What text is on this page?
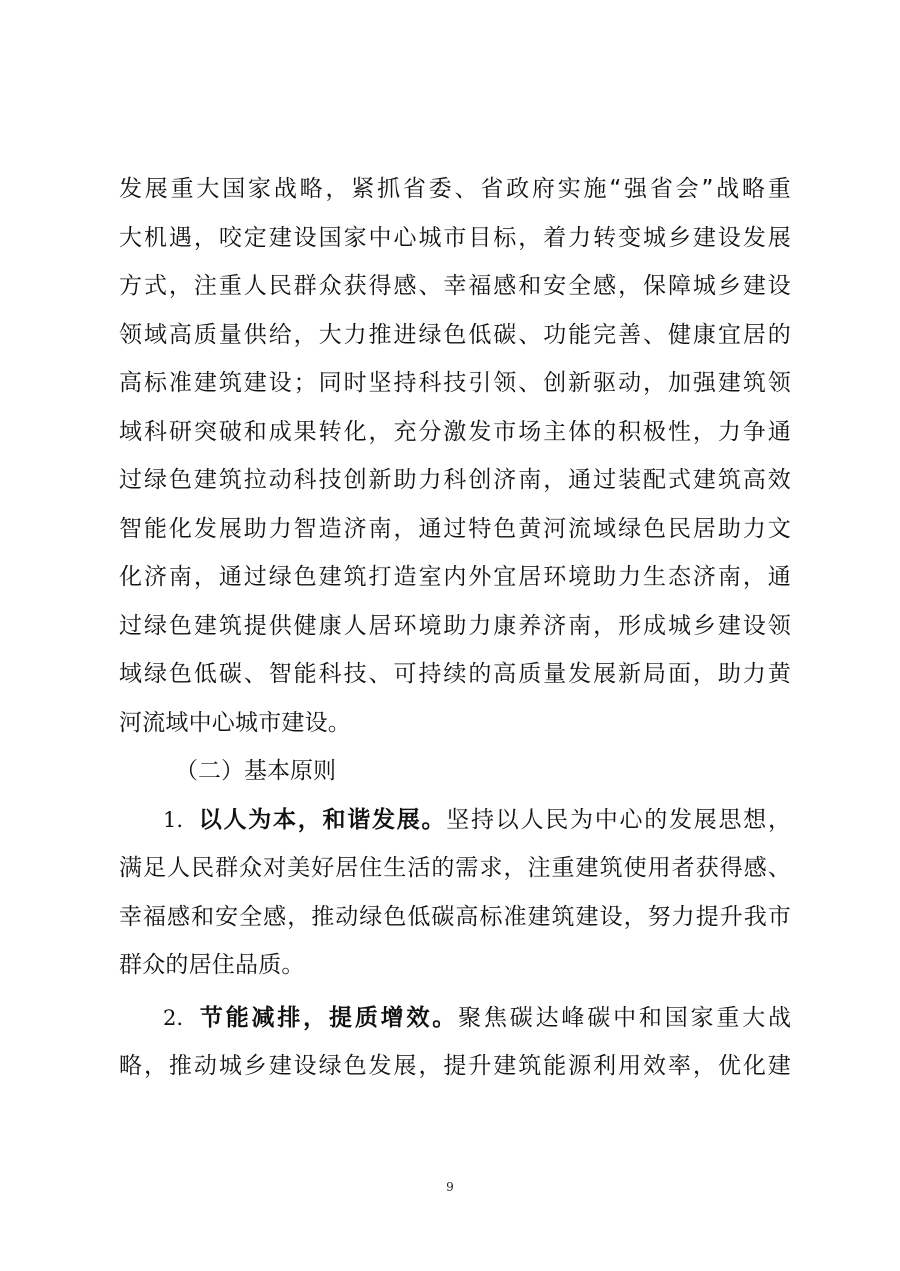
发展重大国家战略，紧抓省委、省政府实施“强省会”战略重
大机遇，咬定建设国家中心城市目标，着力转变城乡建设发展
方式，注重人民群众获得感、幸福感和安全感，保障城乡建设
领域高质量供给，大力推进绿色低碳、功能完善、健康宜居的
高标准建筑建设；同时坚持科技引领、创新驱动，加强建筑领
域科研突破和成果转化，充分激发市场主体的积极性，力争通
过绿色建筑拉动科技创新助力科创济南，通过装配式建筑高效
智能化发展助力智造济南，通过特色黄河流域绿色民居助力文
化济南，通过绿色建筑打造室内外宜居环境助力生态济南，通
过绿色建筑提供健康人居环境助力康养济南，形成城乡建设领
域绿色低碳、智能科技、可持续的高质量发展新局面，助力黄
河流域中心城市建设。
（二）基本原则
1. 以人为本，和谐发展。坚持以人民为中心的发展思想，
满足人民群众对美好居住生活的需求，注重建筑使用者获得感、
幸福感和安全感，推动绿色低碳高标准建筑建设，努力提升我市
群众的居住品质。
2. 节能减排，提质增效。聚焦碳达峰碳中和国家重大战
略，推动城乡建设绿色发展，提升建筑能源利用效率，优化建
9
